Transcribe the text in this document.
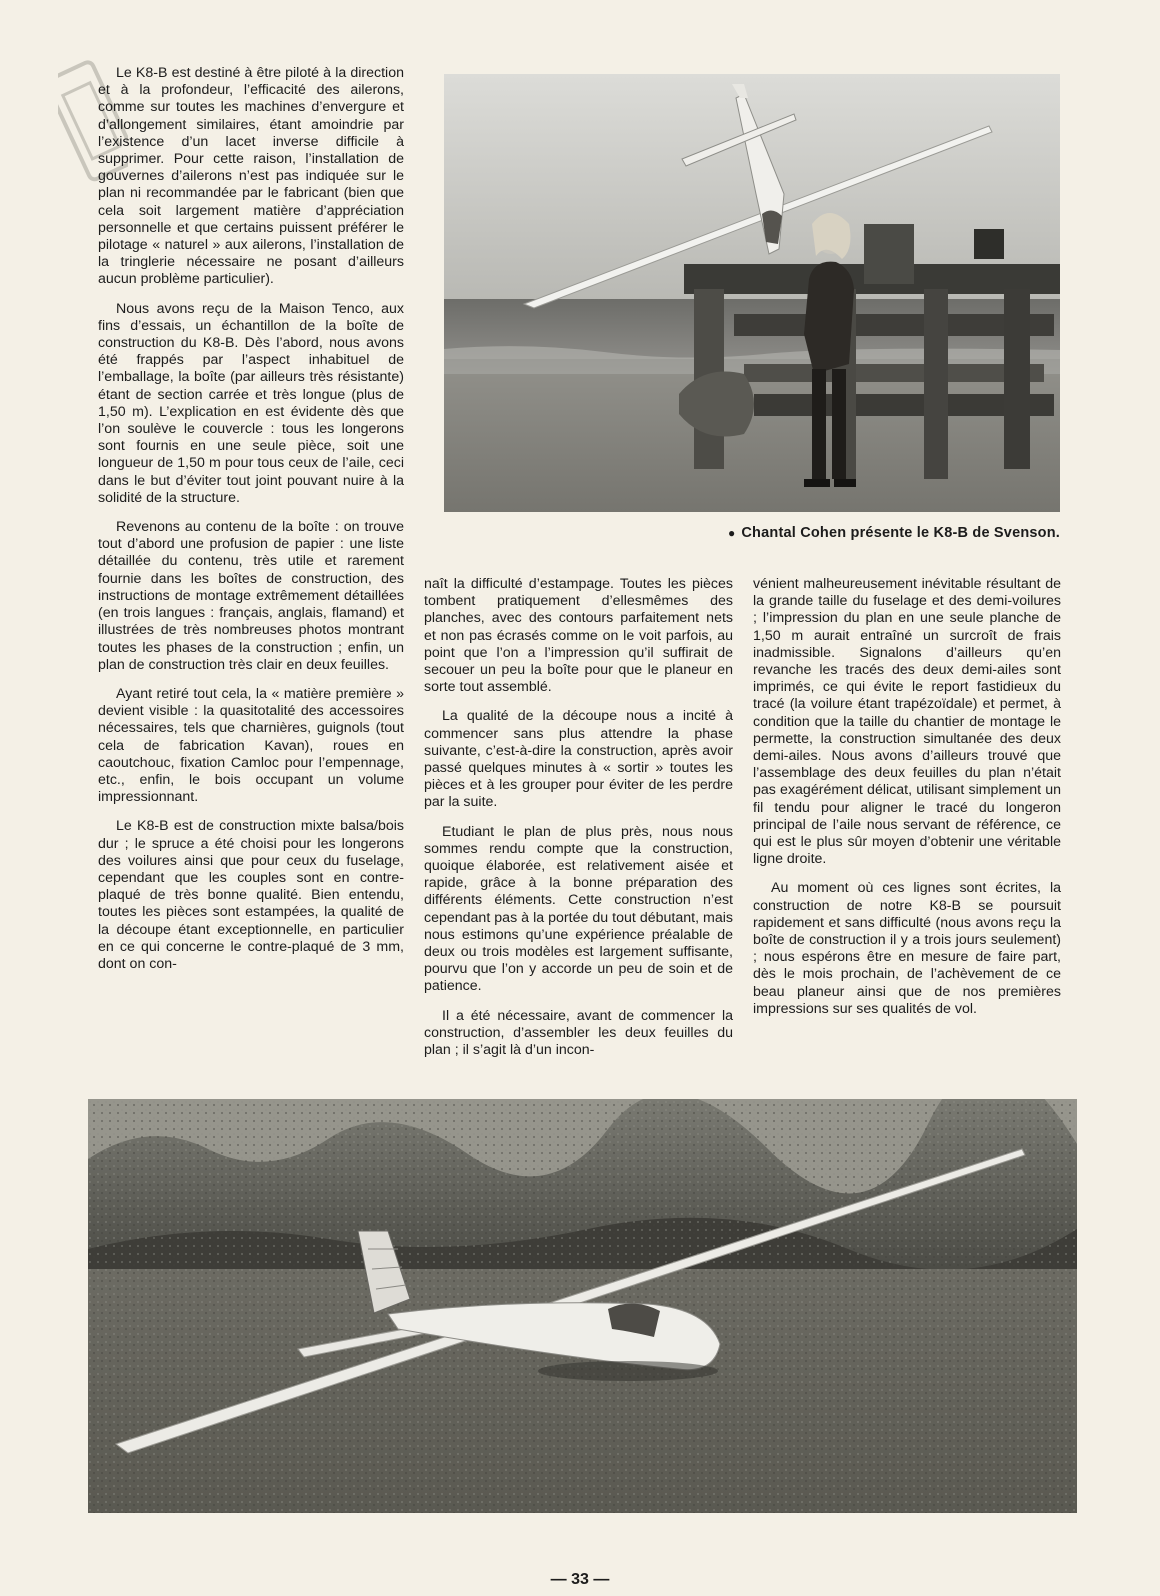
Le K8-B est destiné à être piloté à la direction et à la profondeur, l’efficacité des ailerons, comme sur toutes les machines d’envergure et d’allongement similaires, étant amoindrie par l’existence d’un lacet inverse difficile à supprimer. Pour cette raison, l’installation de gouvernes d’ailerons n’est pas indiquée sur le plan ni recommandée par le fabricant (bien que cela soit largement matière d’appréciation personnelle et que certains puissent préférer le pilotage « naturel » aux ailerons, l’installation de la tringlerie nécessaire ne posant d’ailleurs aucun problème particulier).

Nous avons reçu de la Maison Tenco, aux fins d’essais, un échantillon de la boîte de construction du K8-B. Dès l’abord, nous avons été frappés par l’aspect inhabituel de l’emballage, la boîte (par ailleurs très résistante) étant de section carrée et très longue (plus de 1,50 m). L’explication en est évidente dès que l’on soulève le couvercle : tous les longerons sont fournis en une seule pièce, soit une longueur de 1,50 m pour tous ceux de l’aile, ceci dans le but d’éviter tout joint pouvant nuire à la solidité de la structure.

Revenons au contenu de la boîte : on trouve tout d’abord une profusion de papier : une liste détaillée du contenu, très utile et rarement fournie dans les boîtes de construction, des instructions de montage extrêmement détaillées (en trois langues : français, anglais, flamand) et illustrées de très nombreuses photos montrant toutes les phases de la construction ; enfin, un plan de construction très clair en deux feuilles.

Ayant retiré tout cela, la « matière première » devient visible : la quasitotalité des accessoires nécessaires, tels que charnières, guignols (tout cela de fabrication Kavan), roues en caoutchouc, fixation Camloc pour l’empennage, etc., enfin, le bois occupant un volume impressionnant.

Le K8-B est de construction mixte balsa/bois dur ; le spruce a été choisi pour les longerons des voilures ainsi que pour ceux du fuselage, cependant que les couples sont en contre-plaqué de très bonne qualité. Bien entendu, toutes les pièces sont estampées, la qualité de la découpe étant exceptionnelle, en particulier en ce qui concerne le contre-plaqué de 3 mm, dont on con-

● Chantal Cohen présente le K8-B de Svenson.

naît la difficulté d’estampage. Toutes les pièces tombent pratiquement d’ellesmêmes des planches, avec des contours parfaitement nets et non pas écrasés comme on le voit parfois, au point que l’on a l’impression qu’il suffirait de secouer un peu la boîte pour que le planeur en sorte tout assemblé.

La qualité de la découpe nous a incité à commencer sans plus attendre la phase suivante, c’est-à-dire la construction, après avoir passé quelques minutes à « sortir » toutes les pièces et à les grouper pour éviter de les perdre par la suite.

Etudiant le plan de plus près, nous nous sommes rendu compte que la construction, quoique élaborée, est relativement aisée et rapide, grâce à la bonne préparation des différents éléments. Cette construction n’est cependant pas à la portée du tout débutant, mais nous estimons qu’une expérience préalable de deux ou trois modèles est largement suffisante, pourvu que l’on y accorde un peu de soin et de patience.

Il a été nécessaire, avant de commencer la construction, d’assembler les deux feuilles du plan ; il s’agit là d’un incon-

vénient malheureusement inévitable résultant de la grande taille du fuselage et des demi-voilures ; l’impression du plan en une seule planche de 1,50 m aurait entraîné un surcroît de frais inadmissible. Signalons d’ailleurs qu’en revanche les tracés des deux demi-ailes sont imprimés, ce qui évite le report fastidieux du tracé (la voilure étant trapézoïdale) et permet, à condition que la taille du chantier de montage le permette, la construction simultanée des deux demi-ailes. Nous avons d’ailleurs trouvé que l’assemblage des deux feuilles du plan n’était pas exagérément délicat, utilisant simplement un fil tendu pour aligner le tracé du longeron principal de l’aile nous servant de référence, ce qui est le plus sûr moyen d’obtenir une véritable ligne droite.

Au moment où ces lignes sont écrites, la construction de notre K8-B se poursuit rapidement et sans difficulté (nous avons reçu la boîte de construction il y a trois jours seulement) ; nous espérons être en mesure de faire part, dès le mois prochain, de l’achèvement de ce beau planeur ainsi que de nos premières impressions sur ses qualités de vol.

— 33 —
